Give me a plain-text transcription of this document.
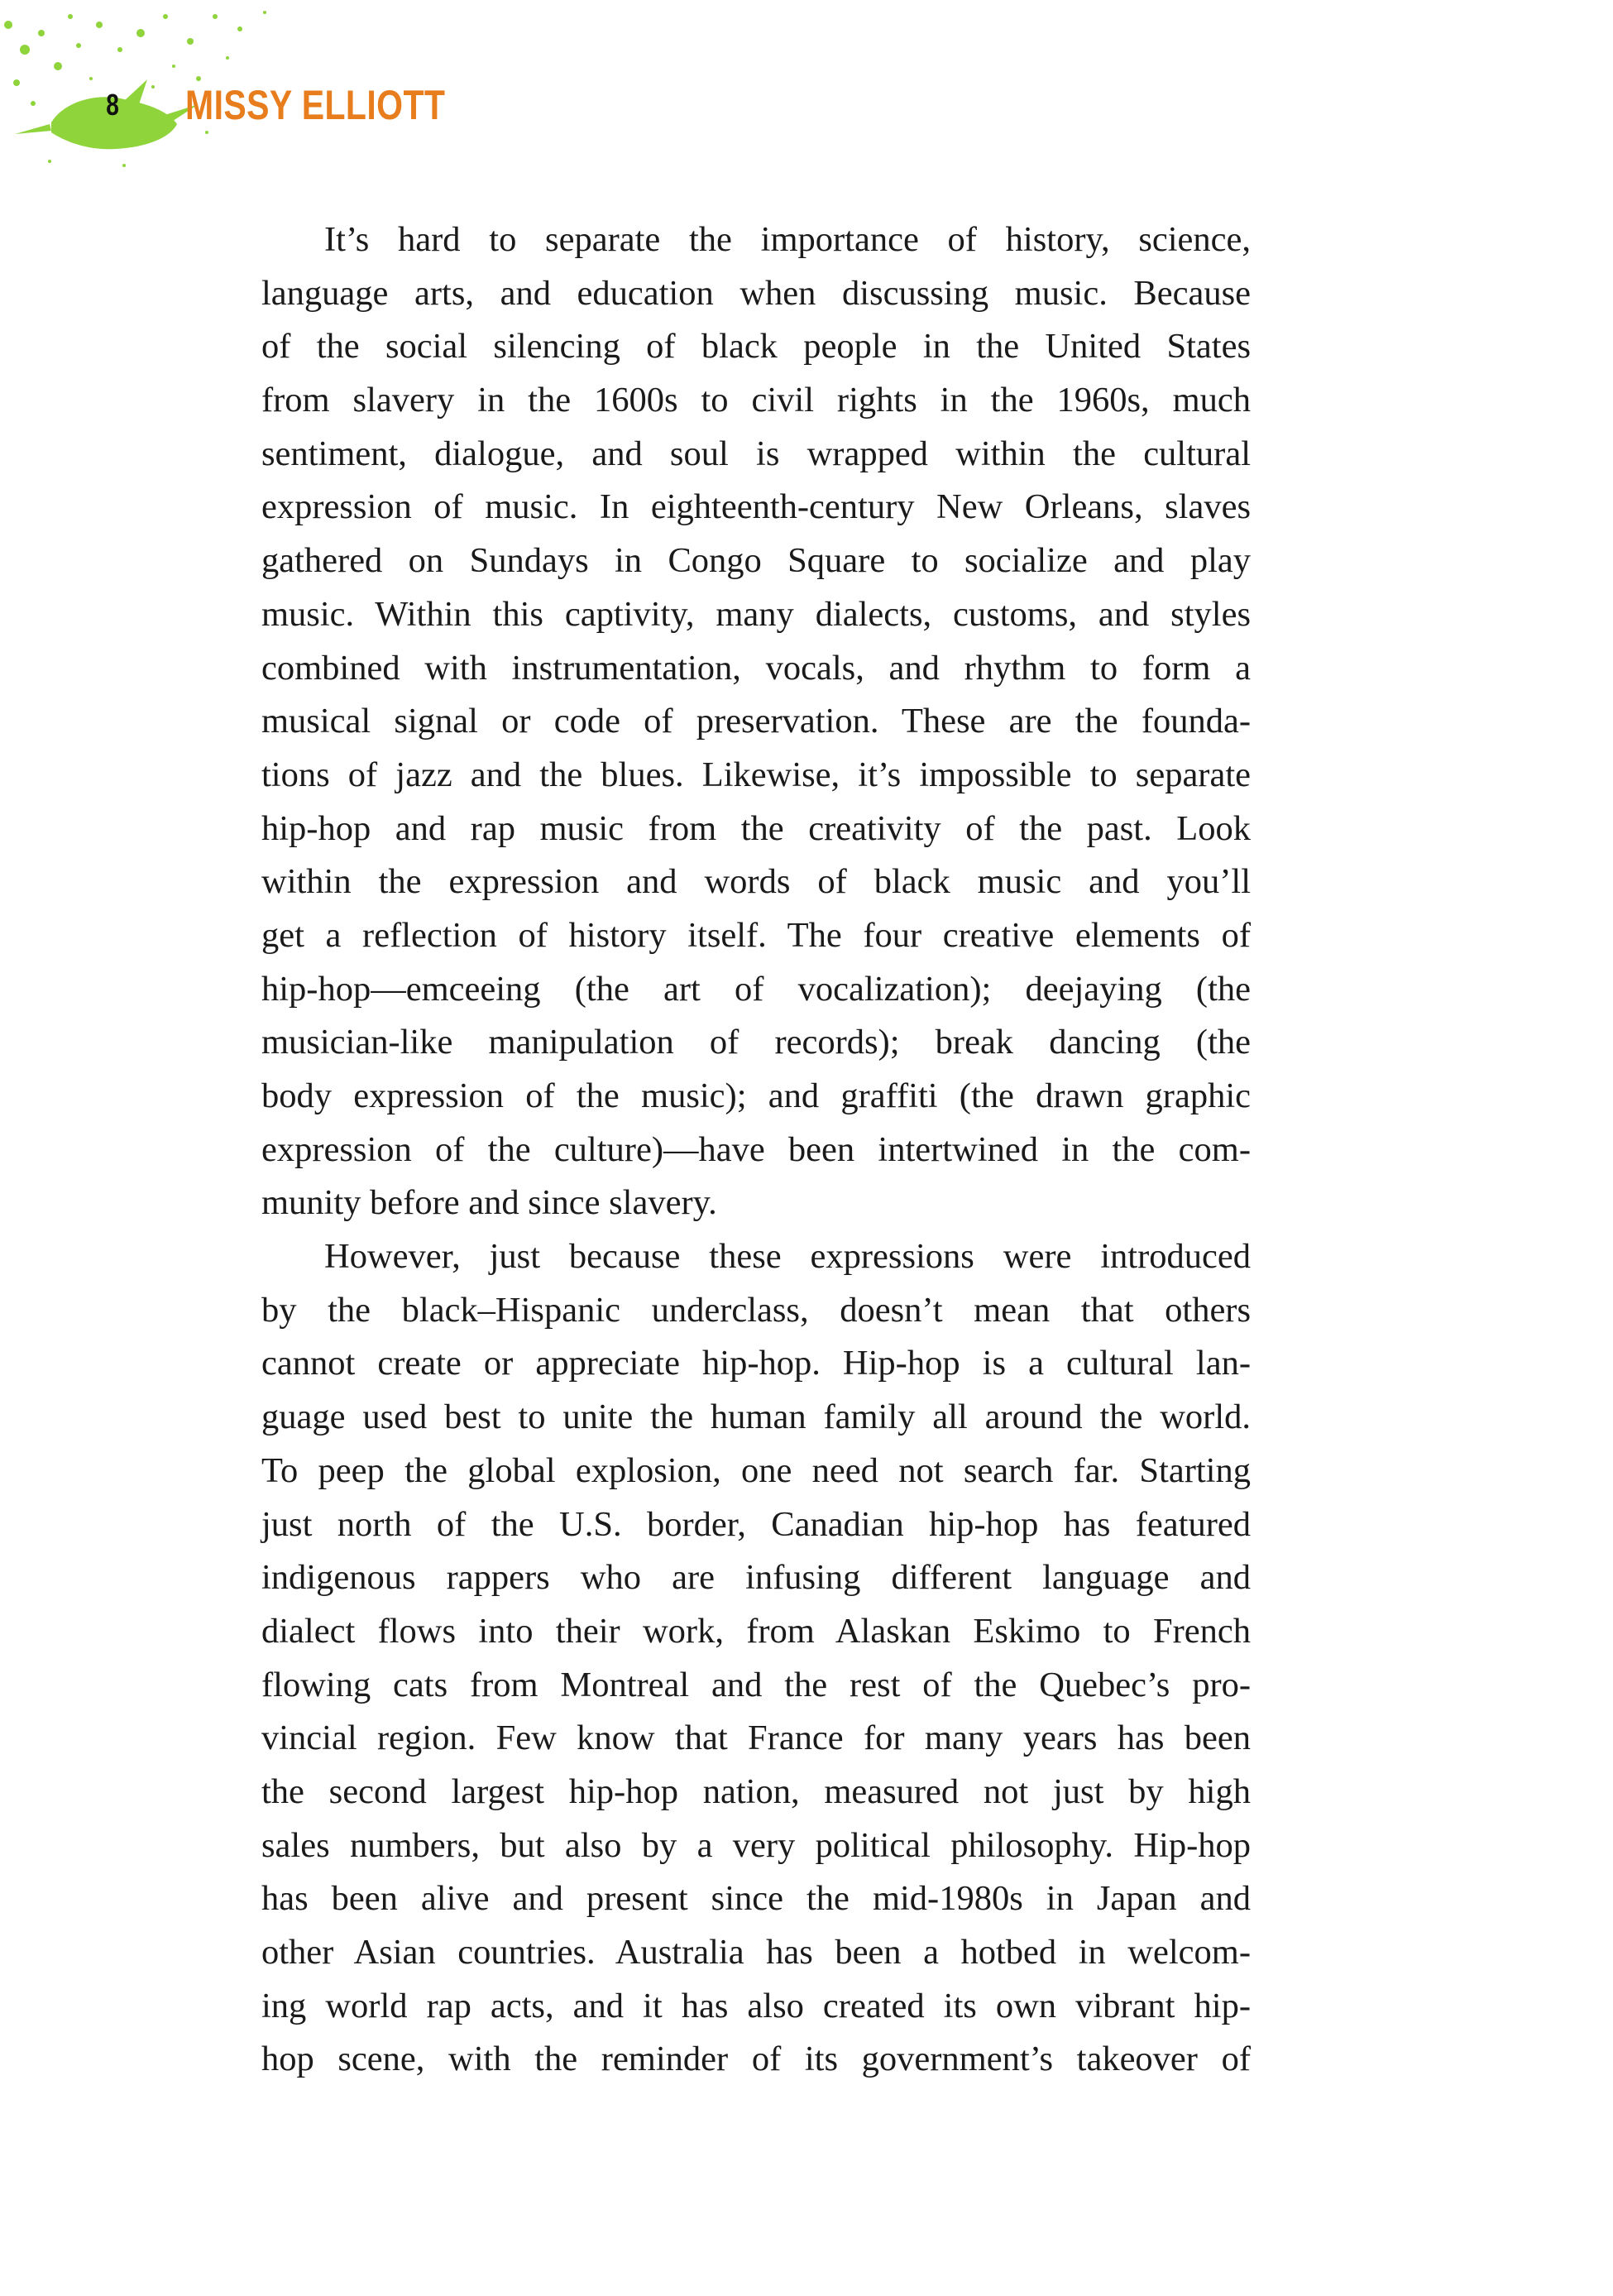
8 MISSY ELLIOTT
It’s hard to separate the importance of history, science,
language arts, and education when discussing music. Because
of the social silencing of black people in the United States
from slavery in the 1600s to civil rights in the 1960s, much
sentiment, dialogue, and soul is wrapped within the cultural
expression of music. In eighteenth-century New Orleans, slaves
gathered on Sundays in Congo Square to socialize and play
music. Within this captivity, many dialects, customs, and styles
combined with instrumentation, vocals, and rhythm to form a
musical signal or code of preservation. These are the founda-
tions of jazz and the blues. Likewise, it’s impossible to separate
hip-hop and rap music from the creativity of the past. Look
within the expression and words of black music and you’ll
get a reflection of history itself. The four creative elements of
hip-hop—emceeing (the art of vocalization); deejaying (the
musician-like manipulation of records); break dancing (the
body expression of the music); and graffiti (the drawn graphic
expression of the culture)—have been intertwined in the com-
munity before and since slavery.
However, just because these expressions were introduced
by the black–Hispanic underclass, doesn’t mean that others
cannot create or appreciate hip-hop. Hip-hop is a cultural lan-
guage used best to unite the human family all around the world.
To peep the global explosion, one need not search far. Starting
just north of the U.S. border, Canadian hip-hop has featured
indigenous rappers who are infusing different language and
dialect flows into their work, from Alaskan Eskimo to French
flowing cats from Montreal and the rest of the Quebec’s pro-
vincial region. Few know that France for many years has been
the second largest hip-hop nation, measured not just by high
sales numbers, but also by a very political philosophy. Hip-hop
has been alive and present since the mid-1980s in Japan and
other Asian countries. Australia has been a hotbed in welcom-
ing world rap acts, and it has also created its own vibrant hip-
hop scene, with the reminder of its government’s takeover of
